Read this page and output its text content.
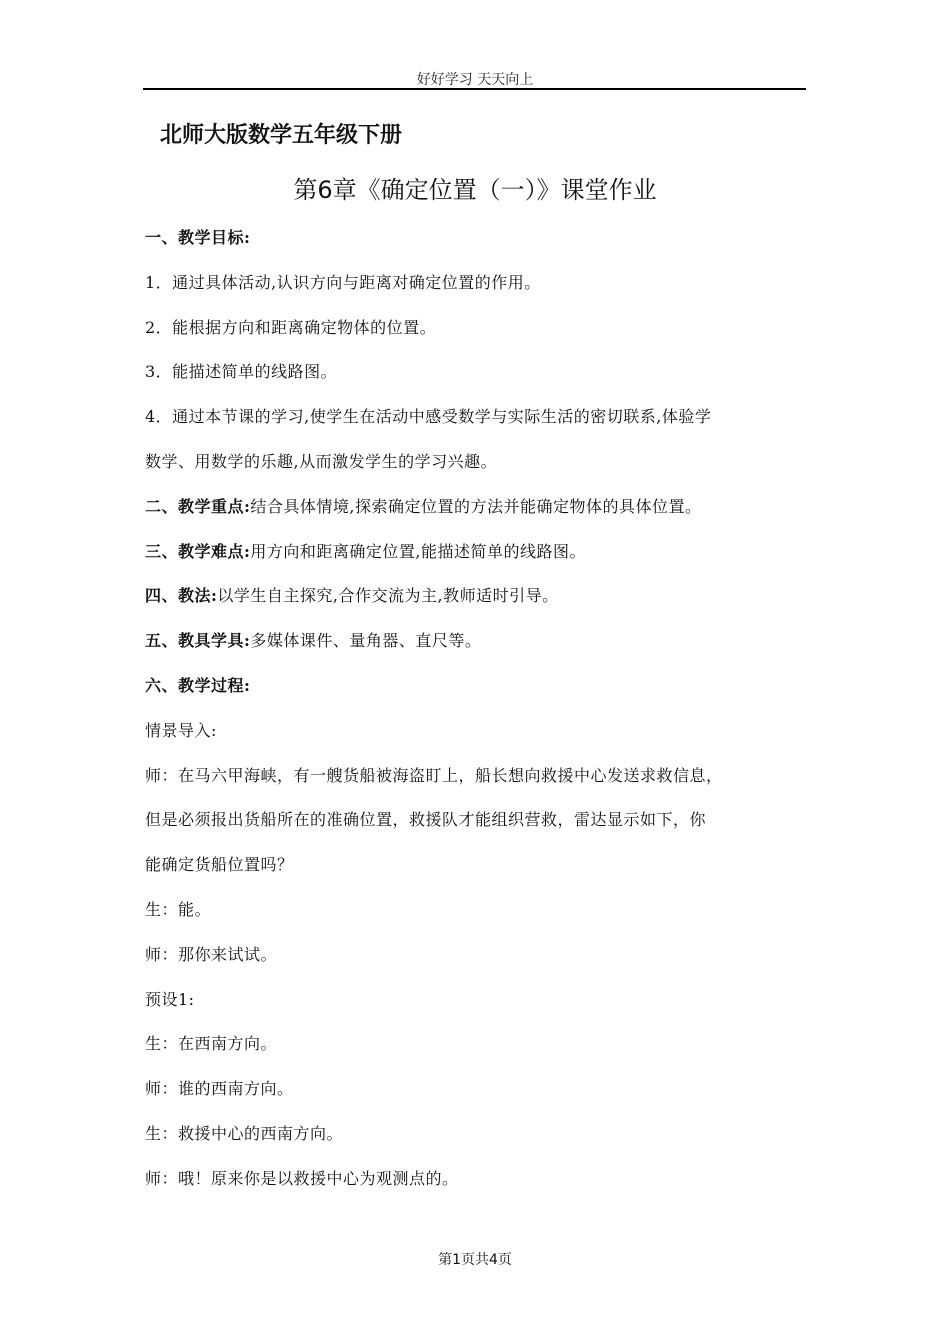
好好学习 天天向上
北师大版数学五年级下册
第6章《确定位置（一）》课堂作业
一、教学目标:
1．通过具体活动,认识方向与距离对确定位置的作用。
2．能根据方向和距离确定物体的位置。
3．能描述简单的线路图。
4．通过本节课的学习,使学生在活动中感受数学与实际生活的密切联系,体验学
数学、用数学的乐趣,从而激发学生的学习兴趣。
二、教学重点:结合具体情境,探索确定位置的方法并能确定物体的具体位置。
三、教学难点:用方向和距离确定位置,能描述简单的线路图。
四、教法:以学生自主探究,合作交流为主,教师适时引导。
五、教具学具:多媒体课件、量角器、直尺等。
六、教学过程:
情景导入:
师：在马六甲海峡，有一艘货船被海盗盯上，船长想向救援中心发送求救信息，
但是必须报出货船所在的准确位置，救援队才能组织营救，雷达显示如下，你
能确定货船位置吗？
生：能。
师：那你来试试。
预设1:
生：在西南方向。
师：谁的西南方向。
生：救援中心的西南方向。
师：哦！原来你是以救援中心为观测点的。
第1页共4页
